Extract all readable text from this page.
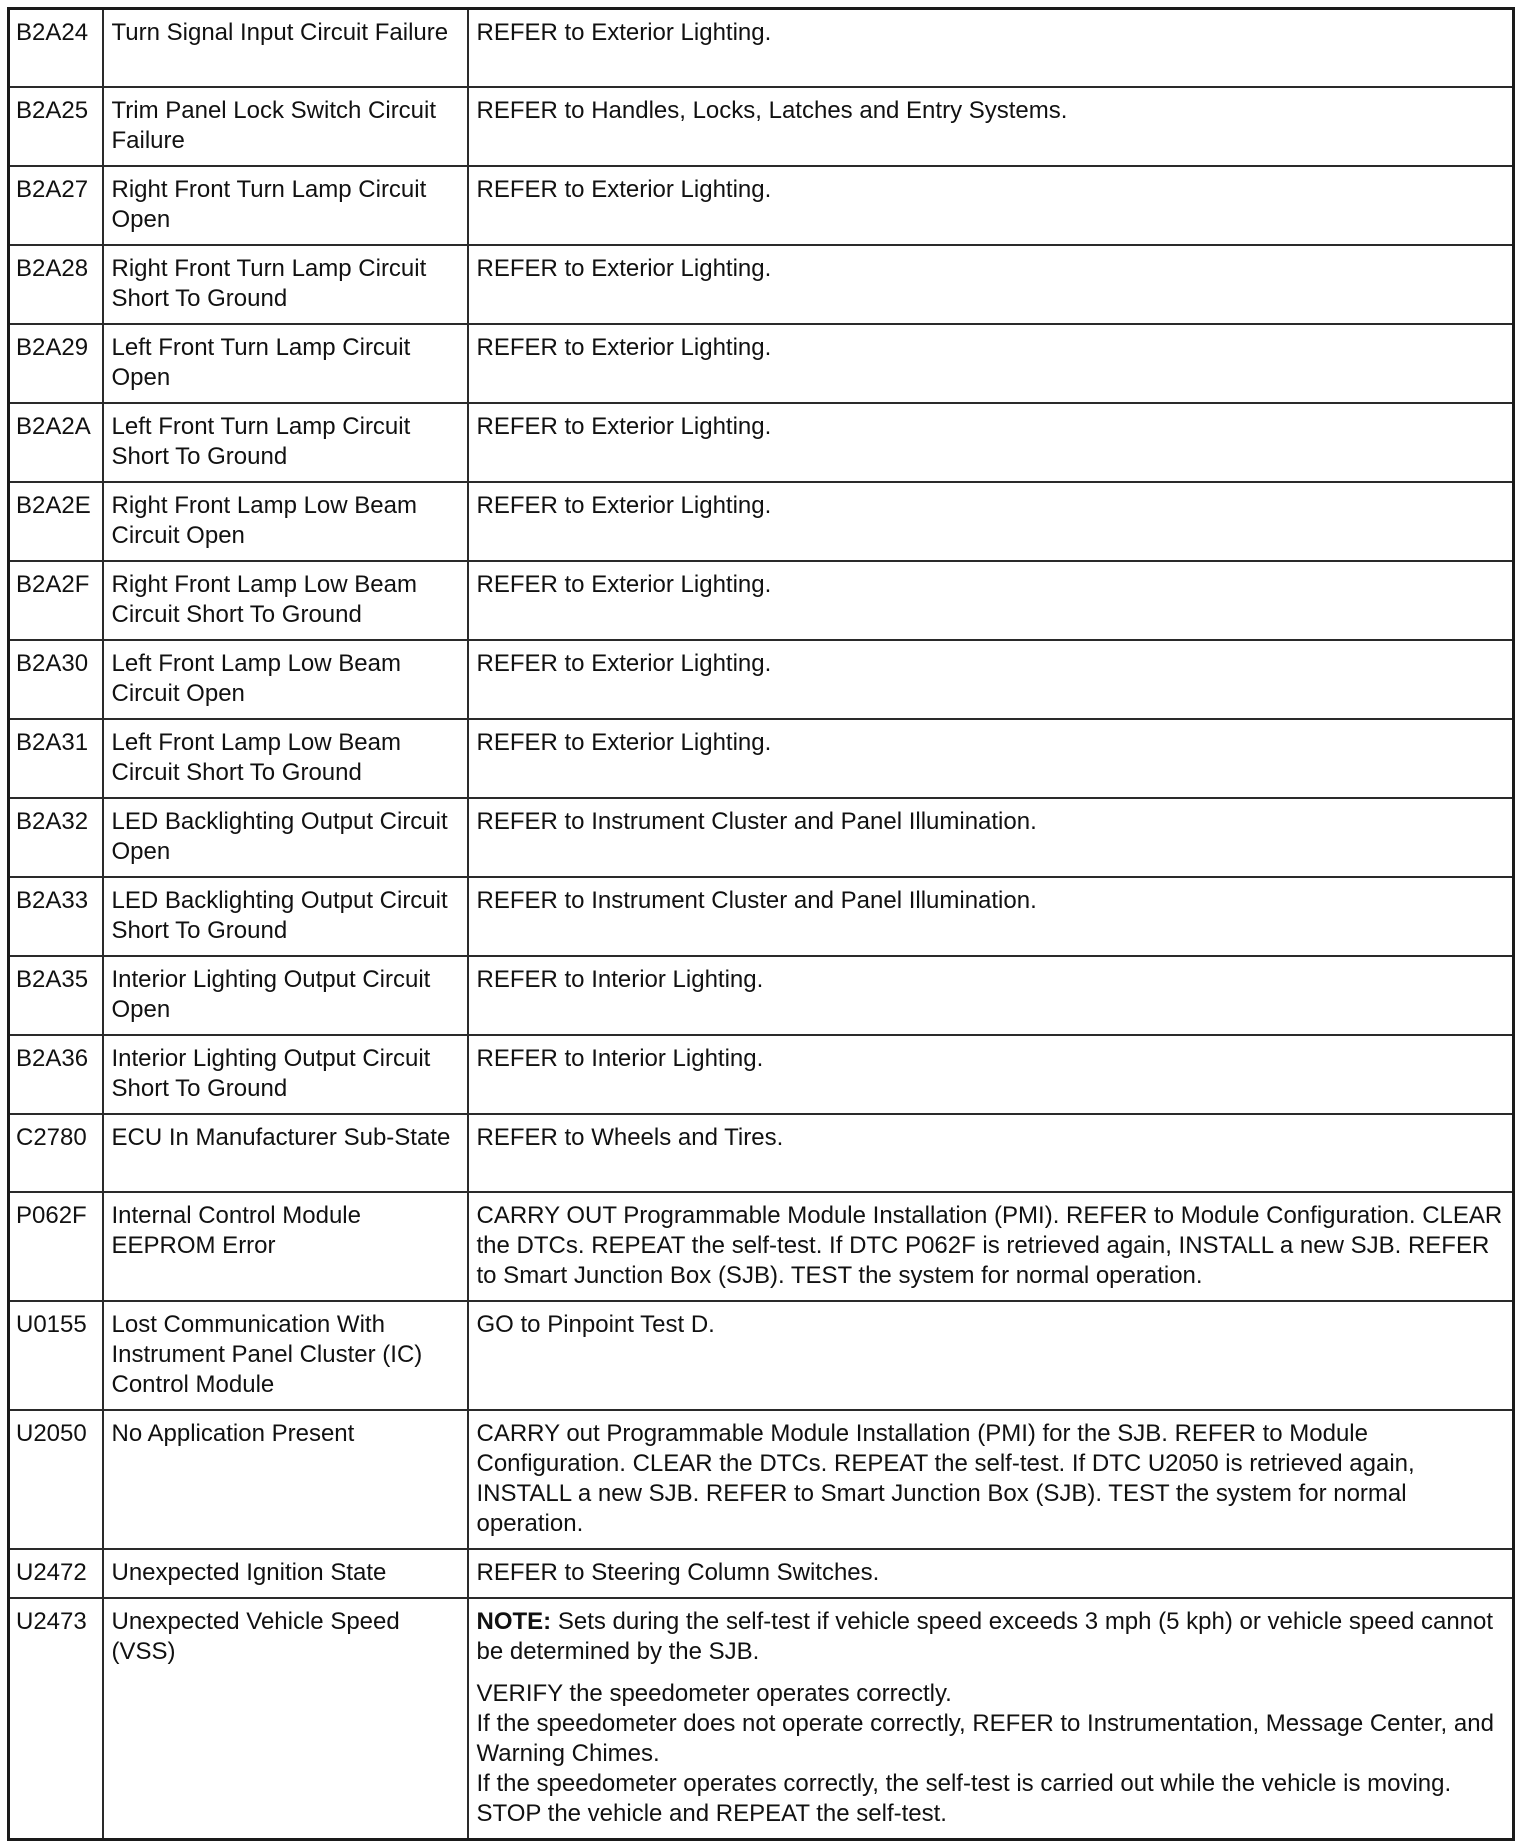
B2A24	Turn Signal Input Circuit Failure	REFER to Exterior Lighting.
B2A25	Trim Panel Lock Switch Circuit Failure	REFER to Handles, Locks, Latches and Entry Systems.
B2A27	Right Front Turn Lamp Circuit Open	REFER to Exterior Lighting.
B2A28	Right Front Turn Lamp Circuit Short To Ground	REFER to Exterior Lighting.
B2A29	Left Front Turn Lamp Circuit Open	REFER to Exterior Lighting.
B2A2A	Left Front Turn Lamp Circuit Short To Ground	REFER to Exterior Lighting.
B2A2E	Right Front Lamp Low Beam Circuit Open	REFER to Exterior Lighting.
B2A2F	Right Front Lamp Low Beam Circuit Short To Ground	REFER to Exterior Lighting.
B2A30	Left Front Lamp Low Beam Circuit Open	REFER to Exterior Lighting.
B2A31	Left Front Lamp Low Beam Circuit Short To Ground	REFER to Exterior Lighting.
B2A32	LED Backlighting Output Circuit Open	REFER to Instrument Cluster and Panel Illumination.
B2A33	LED Backlighting Output Circuit Short To Ground	REFER to Instrument Cluster and Panel Illumination.
B2A35	Interior Lighting Output Circuit Open	REFER to Interior Lighting.
B2A36	Interior Lighting Output Circuit Short To Ground	REFER to Interior Lighting.
C2780	ECU In Manufacturer Sub-State	REFER to Wheels and Tires.
P062F	Internal Control Module EEPROM Error	CARRY OUT Programmable Module Installation (PMI). REFER to Module Configuration. CLEAR the DTCs. REPEAT the self-test. If DTC P062F is retrieved again, INSTALL a new SJB. REFER to Smart Junction Box (SJB). TEST the system for normal operation.
U0155	Lost Communication With Instrument Panel Cluster (IC) Control Module	GO to Pinpoint Test D.
U2050	No Application Present	CARRY out Programmable Module Installation (PMI) for the SJB. REFER to Module Configuration. CLEAR the DTCs. REPEAT the self-test. If DTC U2050 is retrieved again, INSTALL a new SJB. REFER to Smart Junction Box (SJB). TEST the system for normal operation.
U2472	Unexpected Ignition State	REFER to Steering Column Switches.
U2473	Unexpected Vehicle Speed (VSS)	NOTE: Sets during the self-test if vehicle speed exceeds 3 mph (5 kph) or vehicle speed cannot be determined by the SJB.
VERIFY the speedometer operates correctly.
If the speedometer does not operate correctly, REFER to Instrumentation, Message Center, and Warning Chimes.
If the speedometer operates correctly, the self-test is carried out while the vehicle is moving. STOP the vehicle and REPEAT the self-test.
